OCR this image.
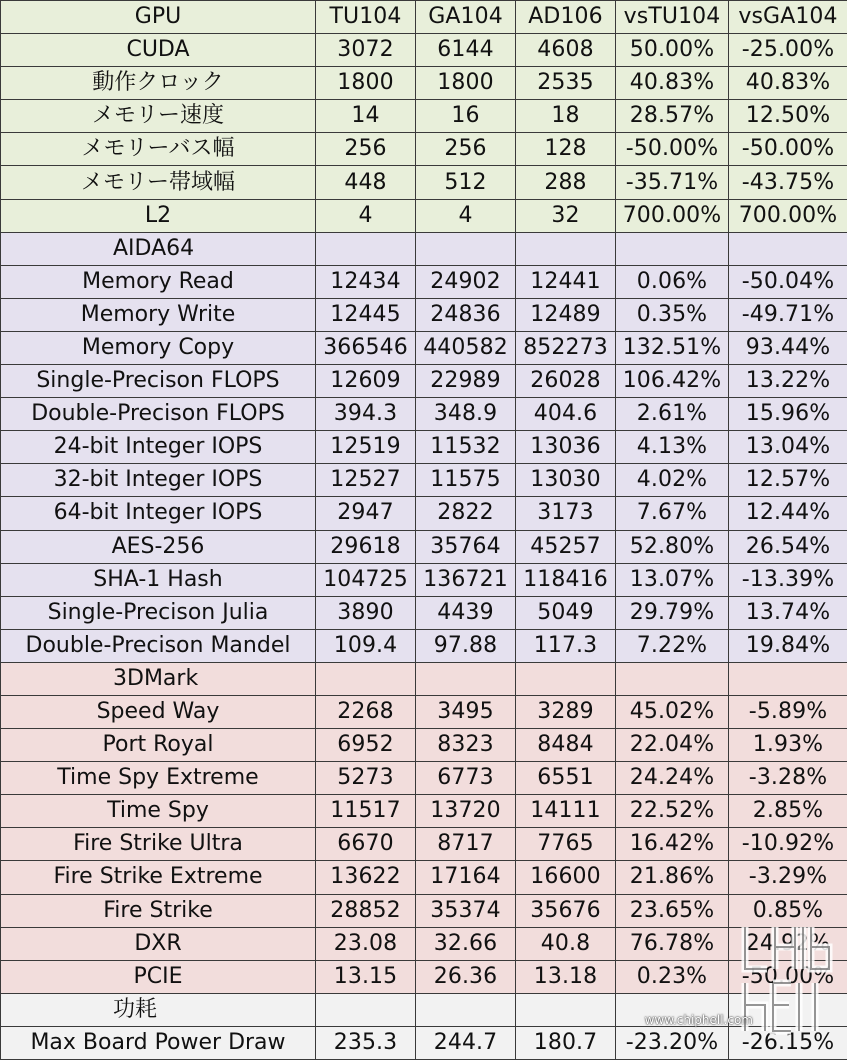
GPU	TU104	GA104	AD106	vsTU104	vsGA104
CUDA	3072	6144	4608	50.00%	-25.00%
動作クロック	1800	1800	2535	40.83%	40.83%
メモリー速度	14	16	18	28.57%	12.50%
メモリーバス幅	256	256	128	-50.00%	-50.00%
メモリー帯域幅	448	512	288	-35.71%	-43.75%
L2	4	4	32	700.00%	700.00%
AIDA64					
Memory Read	12434	24902	12441	0.06%	-50.04%
Memory Write	12445	24836	12489	0.35%	-49.71%
Memory Copy	366546	440582	852273	132.51%	93.44%
Single-Precison FLOPS	12609	22989	26028	106.42%	13.22%
Double-Precison FLOPS	394.3	348.9	404.6	2.61%	15.96%
24-bit Integer IOPS	12519	11532	13036	4.13%	13.04%
32-bit Integer IOPS	12527	11575	13030	4.02%	12.57%
64-bit Integer IOPS	2947	2822	3173	7.67%	12.44%
AES-256	29618	35764	45257	52.80%	26.54%
SHA-1 Hash	104725	136721	118416	13.07%	-13.39%
Single-Precison Julia	3890	4439	5049	29.79%	13.74%
Double-Precison Mandel	109.4	97.88	117.3	7.22%	19.84%
3DMark					
Speed Way	2268	3495	3289	45.02%	-5.89%
Port Royal	6952	8323	8484	22.04%	1.93%
Time Spy Extreme	5273	6773	6551	24.24%	-3.28%
Time Spy	11517	13720	14111	22.52%	2.85%
Fire Strike Ultra	6670	8717	7765	16.42%	-10.92%
Fire Strike Extreme	13622	17164	16600	21.86%	-3.29%
Fire Strike	28852	35374	35676	23.65%	0.85%
DXR	23.08	32.66	40.8	76.78%	24.92%
PCIE	13.15	26.36	13.18	0.23%	-50.00%
功耗					
Max Board Power Draw	235.3	244.7	180.7	-23.20%	-26.15%
www.chiphell.com
